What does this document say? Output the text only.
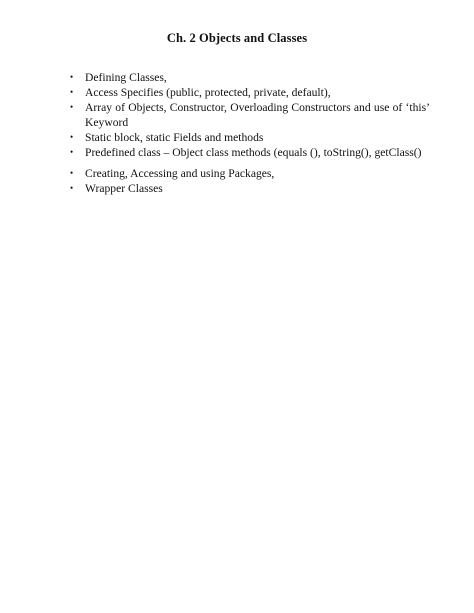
Ch. 2 Objects and Classes
• Defining Classes,
• Access Specifies (public, protected, private, default),
• Array of Objects, Constructor, Overloading Constructors and use of ‘this’
Keyword
• Static block, static Fields and methods
• Predefined class – Object class methods (equals (), toString(), getClass()
• Creating, Accessing and using Packages,
• Wrapper Classes
